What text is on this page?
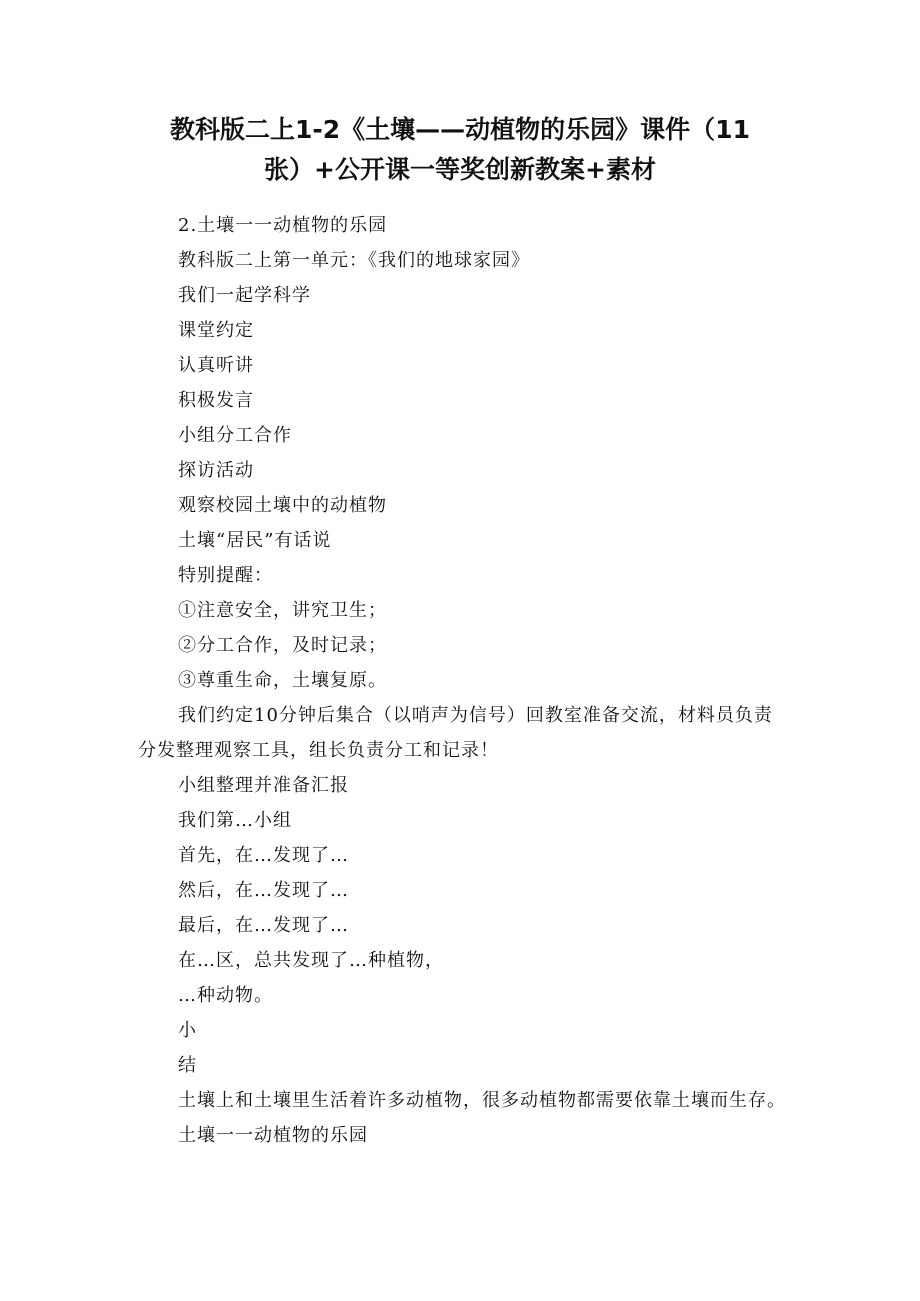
教科版二上1-2《土壤——动植物的乐园》课件（11
张）+公开课一等奖创新教案+素材
2.土壤一一动植物的乐园
教科版二上第一单元：《我们的地球家园》
我们一起学科学
课堂约定
认真听讲
积极发言
小组分工合作
探访活动
观察校园土壤中的动植物
土壤“居民”有话说
特别提醒：
①注意安全，讲究卫生；
②分工合作，及时记录；
③尊重生命，土壤复原。
我们约定10分钟后集合（以哨声为信号）回教室准备交流，材料员负责分发整理观察工具，组长负责分工和记录！
小组整理并准备汇报
我们第…小组
首先，在…发现了…
然后，在…发现了…
最后，在…发现了…
在…区，总共发现了…种植物，
…种动物。
小
结
土壤上和土壤里生活着许多动植物，很多动植物都需要依靠土壤而生存。
土壤一一动植物的乐园
